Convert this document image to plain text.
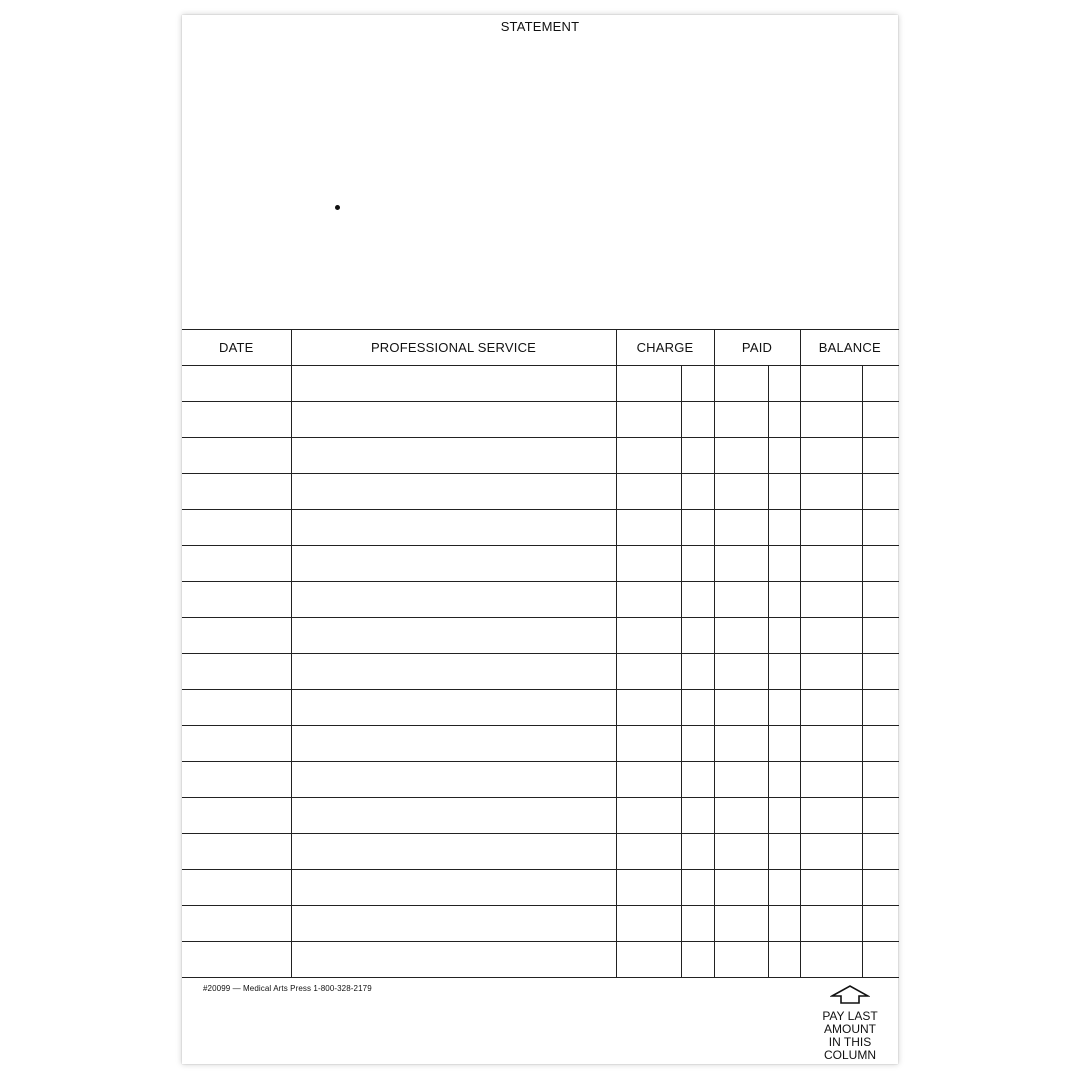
STATEMENT
DATE	PROFESSIONAL SERVICE	CHARGE		PAID		BALANCE	

#20099 — Medical Arts Press 1-800-328-2179
PAY LAST
AMOUNT
IN THIS
COLUMN
